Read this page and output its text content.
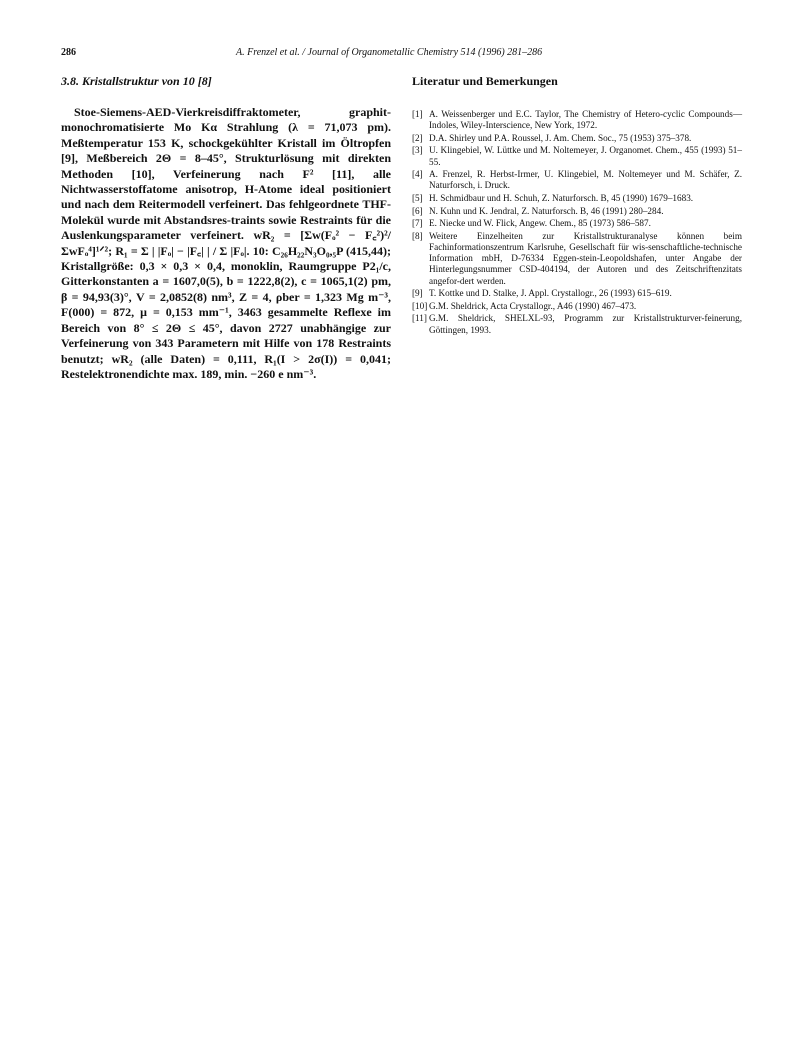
286	A. Frenzel et al. / Journal of Organometallic Chemistry 514 (1996) 281–286
3.8. Kristallstruktur von 10 [8]

Stoe-Siemens-AED-Vierkreisdiffraktometer, graphit-monochromatisierte Mo Kα Strahlung (λ = 71,073 pm). Meßtemperatur 153 K, schockgekühlter Kristall im Öltropfen [9], Meßbereich 2Θ = 8–45°, Strukturlösung mit direkten Methoden [10], Verfeinerung nach F² [11], alle Nichtwasserstoffatome anisotrop, H-Atome ideal positioniert und nach dem Reitermodell verfeinert. Das fehlgeordnete THF-Molekül wurde mit Abstandsres-traints sowie Restraints für die Auslenkungsparameter verfeinert. wR₂ = [Σw(Fₒ² − F꜀²)²/ΣwFₒ⁴]¹ᐟ²; R₁ = Σ | |Fₒ| − |F꜀| | / Σ |Fₒ|. 10: C₂₆H₂₂N₃O₀,₅P (415,44); Kristallgröße: 0,3 × 0,3 × 0,4, monoklin, Raumgruppe P2₁/c, Gitterkonstanten a = 1607,0(5), b = 1222,8(2), c = 1065,1(2) pm, β = 94,93(3)°, V = 2,0852(8) nm³, Z = 4, ρber = 1,323 Mg m⁻³, F(000) = 872, μ = 0,153 mm⁻¹, 3463 gesammelte Reflexe im Bereich von 8° ≤ 2Θ ≤ 45°, davon 2727 unabhängige zur Verfeinerung von 343 Parametern mit Hilfe von 178 Restraints benutzt; wR₂ (alle Daten) = 0,111, R₁(I > 2σ(I)) = 0,041; Restelektronendichte max. 189, min. −260 e nm⁻³.

Literatur und Bemerkungen
[1] A. Weissenberger und E.C. Taylor, The Chemistry of Hetero-cyclic Compounds— Indoles, Wiley-Interscience, New York, 1972.
[2] D.A. Shirley und P.A. Roussel, J. Am. Chem. Soc., 75 (1953) 375–378.
[3] U. Klingebiel, W. Lüttke und M. Noltemeyer, J. Organomet. Chem., 455 (1993) 51–55.
[4] A. Frenzel, R. Herbst-Irmer, U. Klingebiel, M. Noltemeyer und M. Schäfer, Z. Naturforsch, i. Druck.
[5] H. Schmidbaur und H. Schuh, Z. Naturforsch. B, 45 (1990) 1679–1683.
[6] N. Kuhn und K. Jendral, Z. Naturforsch. B, 46 (1991) 280–284.
[7] E. Niecke und W. Flick, Angew. Chem., 85 (1973) 586–587.
[8] Weitere Einzelheiten zur Kristallstrukturanalyse können beim Fachinformationszentrum Karlsruhe, Gesellschaft für wis-senschaftliche-technische Information mbH, D-76334 Eggen-stein-Leopoldshafen, unter Angabe der Hinterlegungsnummer CSD-404194, der Autoren und des Zeitschriftenzitats angefor-dert werden.
[9] T. Kottke und D. Stalke, J. Appl. Crystallogr., 26 (1993) 615–619.
[10] G.M. Sheldrick, Acta Crystallogr., A46 (1990) 467–473.
[11] G.M. Sheldrick, SHELXL-93, Programm zur Kristallstrukturver-feinerung, Göttingen, 1993.
